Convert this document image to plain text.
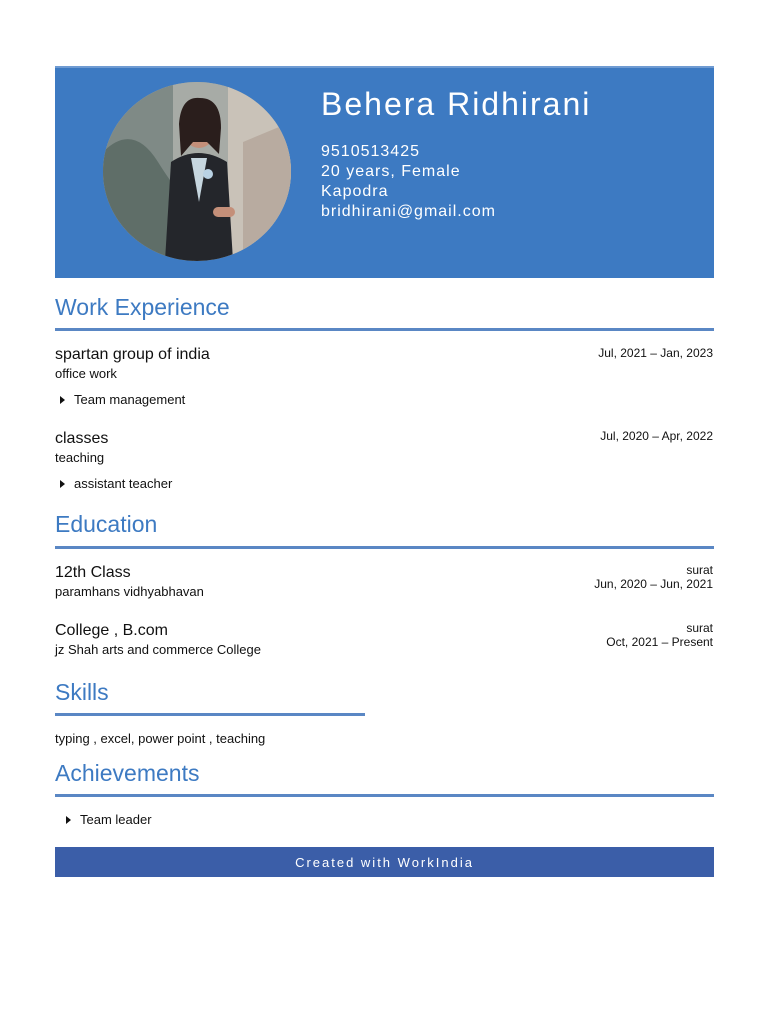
Behera Ridhirani
9510513425
20 years, Female
Kapodra
bridhirani@gmail.com
Work Experience
spartan group of india	Jul, 2021 – Jan, 2023
office work
Team management
classes	Jul, 2020 – Apr, 2022
teaching
assistant teacher
Education
12th Class	surat
Jun, 2020 – Jun, 2021
paramhans vidhyabhavan
College , B.com	surat
Oct, 2021 – Present
jz Shah arts and commerce College
Skills
typing , excel, power point , teaching
Achievements
Team leader
Created with WorkIndia
